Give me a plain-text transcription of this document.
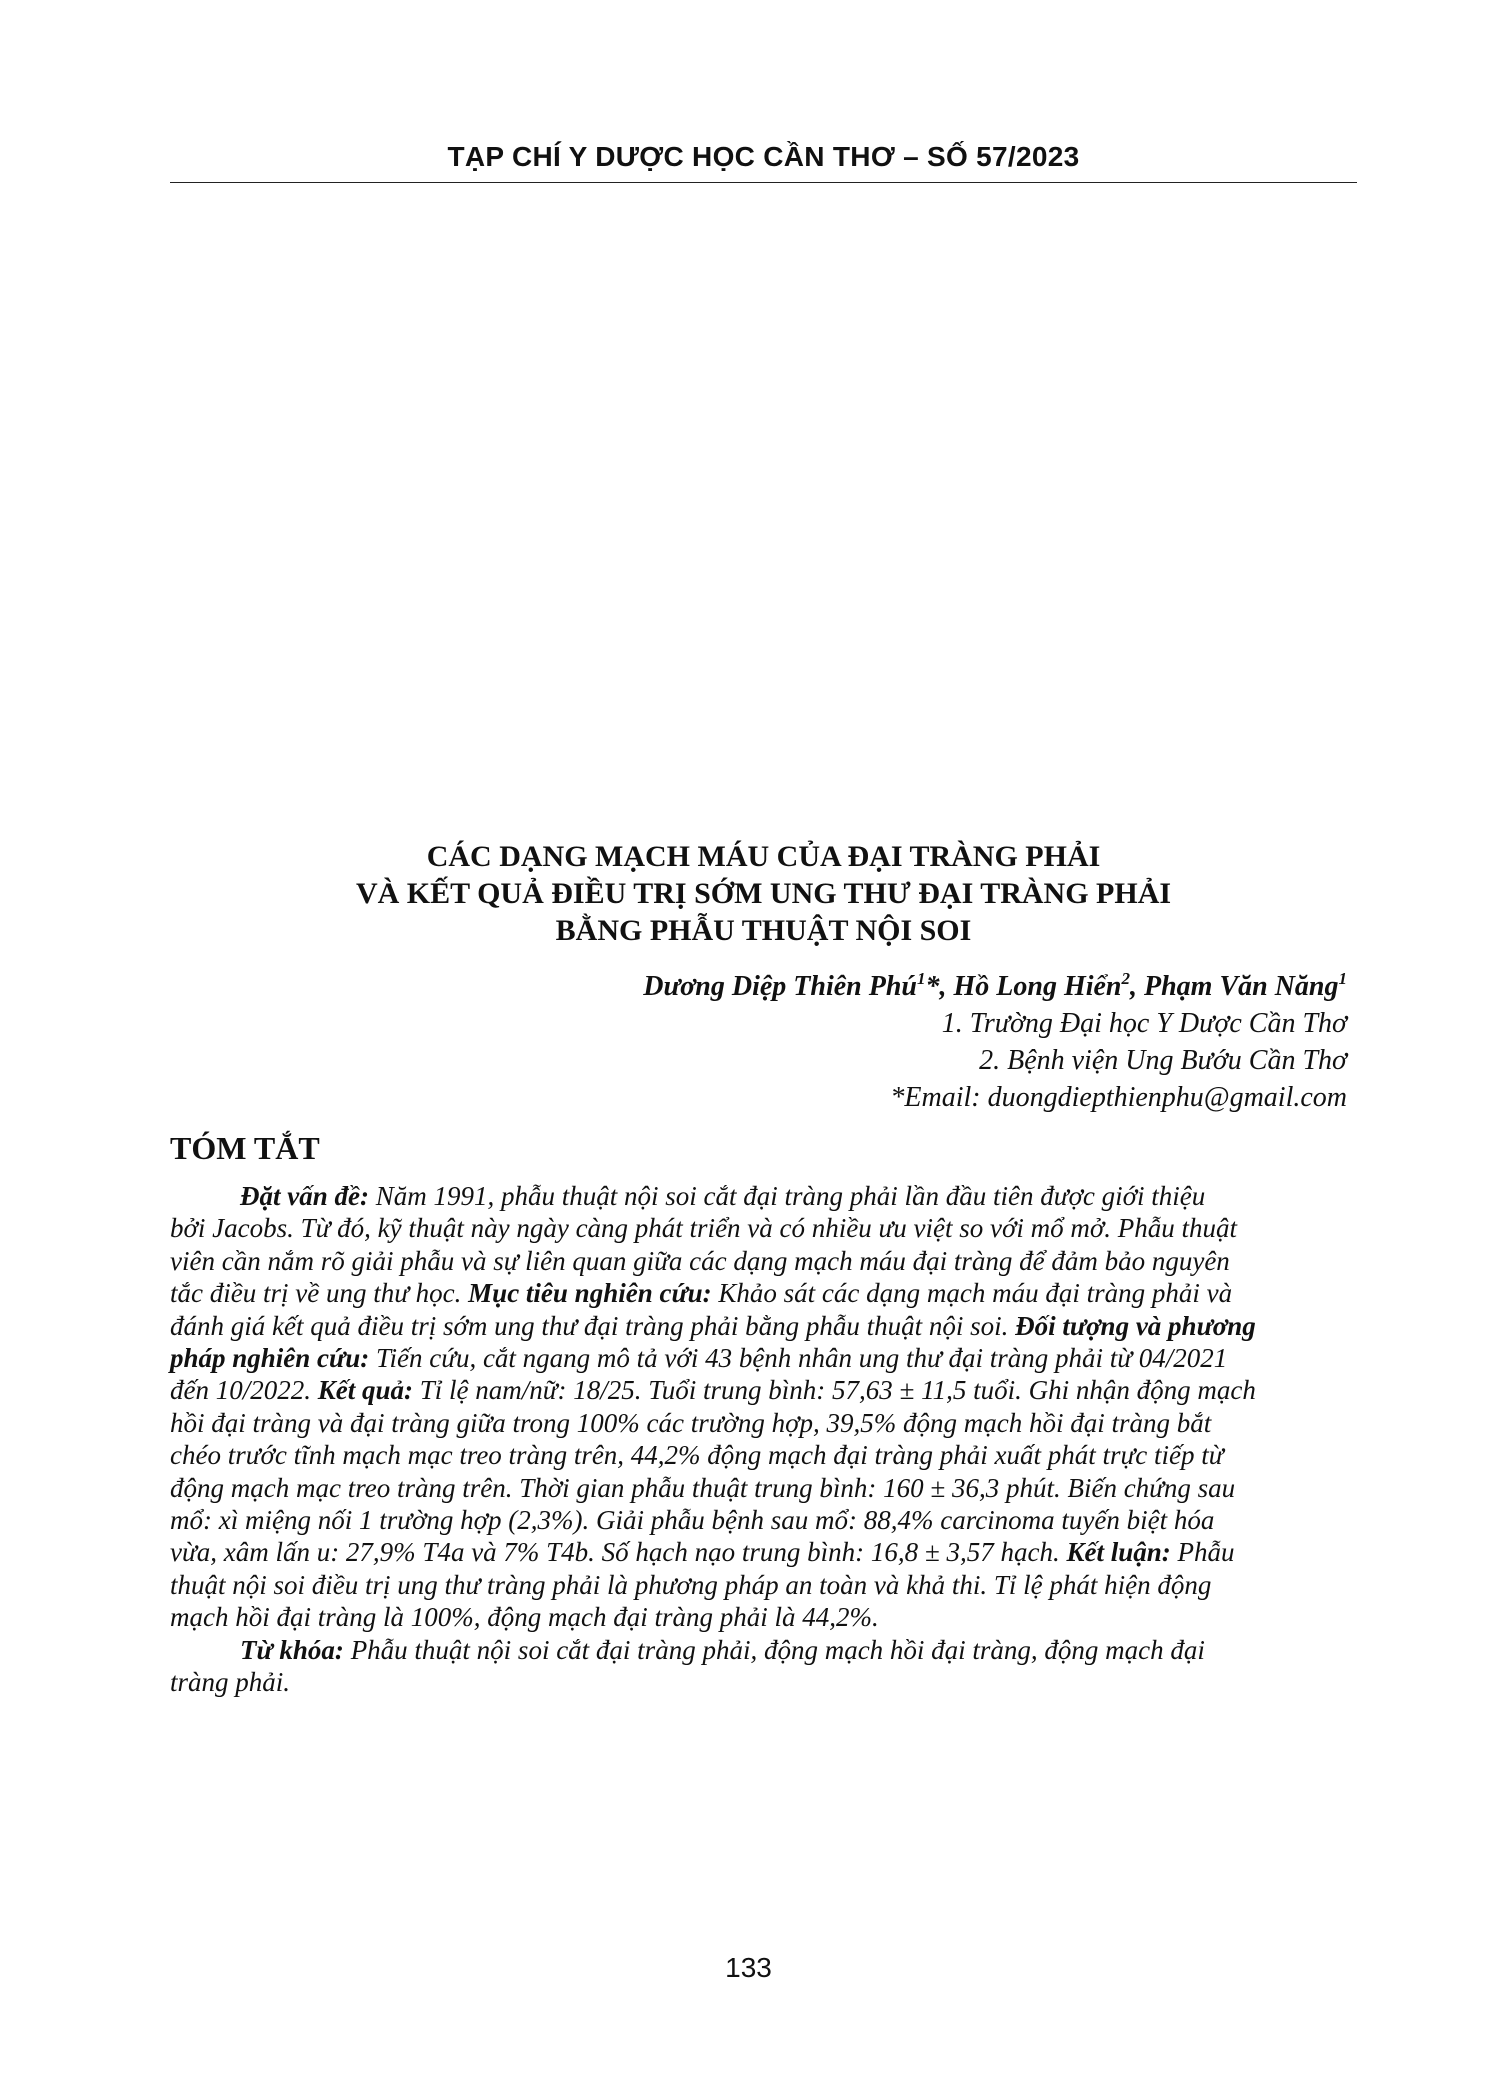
TẠP CHÍ Y DƯỢC HỌC CẦN THƠ – SỐ 57/2023
CÁC DẠNG MẠCH MÁU CỦA ĐẠI TRÀNG PHẢI
VÀ KẾT QUẢ ĐIỀU TRỊ SỚM UNG THƯ ĐẠI TRÀNG PHẢI
BẰNG PHẪU THUẬT NỘI SOI
Dương Diệp Thiên Phú$^1$*, Hồ Long Hiển$^2$, Phạm Văn Năng$^1$
1. Trường Đại học Y Dược Cần Thơ
2. Bệnh viện Ung Bướu Cần Thơ
*Email: duongdiepthienphu@gmail.com
TÓM TẮT
Đặt vấn đề: Năm 1991, phẫu thuật nội soi cắt đại tràng phải lần đầu tiên được giới thiệu
bởi Jacobs. Từ đó, kỹ thuật này ngày càng phát triển và có nhiều ưu việt so với mổ mở. Phẫu thuật
viên cần nắm rõ giải phẫu và sự liên quan giữa các dạng mạch máu đại tràng để đảm bảo nguyên
tắc điều trị về ung thư học. Mục tiêu nghiên cứu: Khảo sát các dạng mạch máu đại tràng phải và
đánh giá kết quả điều trị sớm ung thư đại tràng phải bằng phẫu thuật nội soi. Đối tượng và phương
pháp nghiên cứu: Tiến cứu, cắt ngang mô tả với 43 bệnh nhân ung thư đại tràng phải từ 04/2021
đến 10/2022. Kết quả: Tỉ lệ nam/nữ: 18/25. Tuổi trung bình: 57,63 ± 11,5 tuổi. Ghi nhận động mạch
hồi đại tràng và đại tràng giữa trong 100% các trường hợp, 39,5% động mạch hồi đại tràng bắt
chéo trước tĩnh mạch mạc treo tràng trên, 44,2% động mạch đại tràng phải xuất phát trực tiếp từ
động mạch mạc treo tràng trên. Thời gian phẫu thuật trung bình: 160 ± 36,3 phút. Biến chứng sau
mổ: xì miệng nối 1 trường hợp (2,3%). Giải phẫu bệnh sau mổ: 88,4% carcinoma tuyến biệt hóa
vừa, xâm lấn u: 27,9% T4a và 7% T4b. Số hạch nạo trung bình: 16,8 ± 3,57 hạch. Kết luận: Phẫu
thuật nội soi điều trị ung thư tràng phải là phương pháp an toàn và khả thi. Tỉ lệ phát hiện động
mạch hồi đại tràng là 100%, động mạch đại tràng phải là 44,2%.
Từ khóa: Phẫu thuật nội soi cắt đại tràng phải, động mạch hồi đại tràng, động mạch đại
tràng phải.
133
